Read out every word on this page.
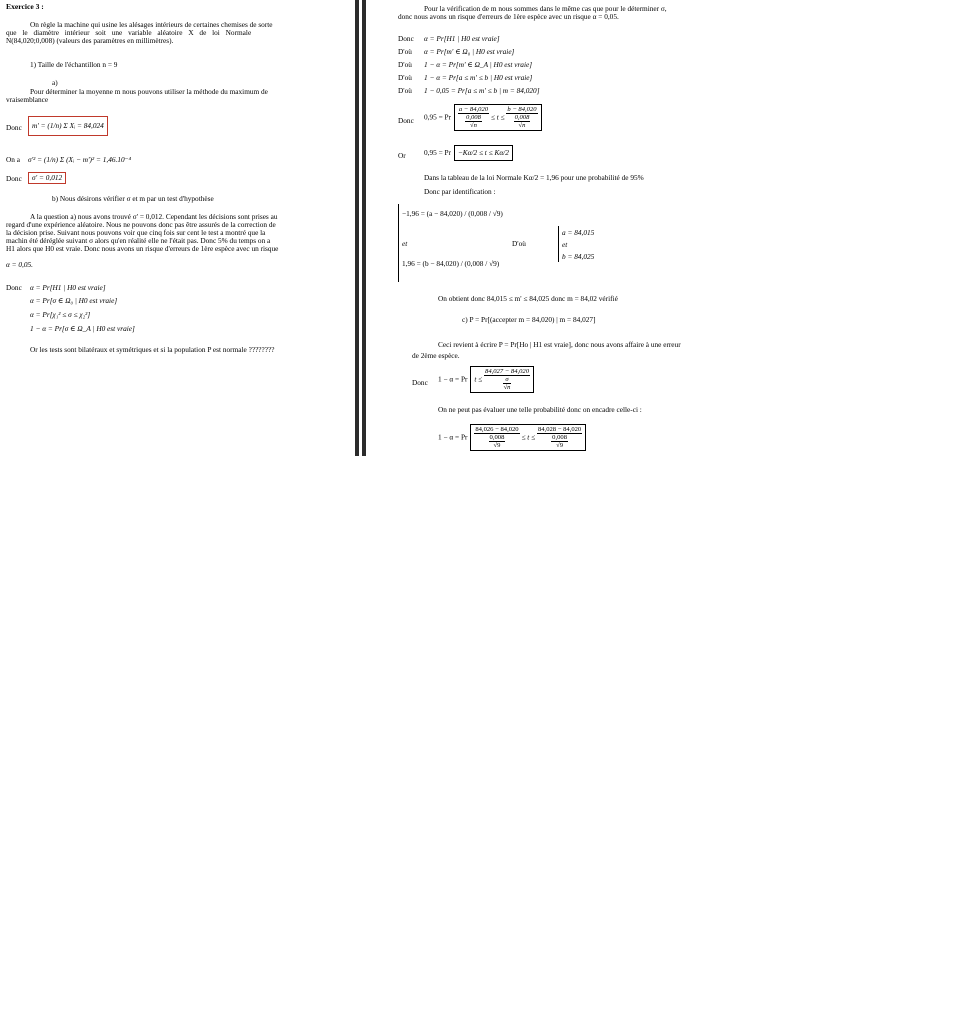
Exercice 3 :
On règle la machine qui usine les alésages intérieurs de certaines chemises de sorte
que le diamètre intérieur soit une variable aléatoire X de loi Normale
N(84,020;0,008) (valeurs des paramètres en millimètres).
1) Taille de l'échantillon n = 9
a)
Pour déterminer la moyenne m nous pouvons utiliser la méthode du maximum de
vraisemblance
Donc	m' = (1/n) Σ Xᵢ = 84,024
On a σ'² = (1/n) Σ (Xᵢ − m')² = 1,46.10⁻⁴
Donc	σ' = 0,012
b) Nous désirons vérifier σ et m par un test d'hypothèse
A la question a) nous avons trouvé σ' = 0,012. Cependant les décisions sont prises au
regard d'une expérience aléatoire. Nous ne pouvons donc pas être assurés de la correction de
la décision prise. Suivant nous pouvons voir que cinq fois sur cent le test a montré que la
machin été déréglée suivant σ alors qu'en réalité elle ne l'était pas. Donc 5% du temps on a
H1 alors que H0 est vraie. Donc nous avons un risque d'erreurs de 1ère espèce avec un risque
α = 0,05.
Donc α = Pr[H1 | H0 est vraie]
α = Pr[σ ∈ Ω₀ | H0 est vraie]
α = Pr[χ₁² ≤ σ ≤ χ₂²]
1 − α = Pr[σ ∈ Ω_A | H0 est vraie]
Or les tests sont bilatéraux et symétriques et si la population P est normale ????????
Pour la vérification de m nous sommes dans le même cas que pour le déterminer σ,
donc nous avons un risque d'erreurs de 1ère espèce avec un risque α = 0,05.
Donc α = Pr[H1 | H0 est vraie]
D'où α = Pr[m' ∈ Ω₀ | H0 est vraie]
D'où 1 − α = Pr[m' ∈ Ω_A | H0 est vraie]
D'où 1 − α = Pr[a ≤ m' ≤ b | H0 est vraie]
D'où 1 − 0,05 = Pr[a ≤ m' ≤ b | m = 84,020]
Donc 0,95 = Pr $\frac{a - 84,020}{\frac{0,008}{√n}} \le t \le \frac{b - 84,020}{\frac{0,008}{√n}}$
Or	0,95 = Pr −Kα/2 ≤ t ≤ Kα/2
Dans la tableau de la loi Normale Kα/2 = 1,96 pour une probabilité de 95%
Donc par identification :
−1,96 = (a − 84,020) / (0,008 / √9)
et
1,96 = (b − 84,020) / (0,008 / √9)
D'où
a = 84,015
et
b = 84,025
On obtient donc 84,015 ≤ m' ≤ 84,025 donc m = 84,02 vérifié
c) P = Pr[(accepter m = 84,020) | m = 84,027]
Ceci revient à écrire P = Pr[Ho | H1 est vraie], donc nous avons affaire à une erreur
de 2ème espèce.
Donc 1 − α = Pr $t \le \frac{84,027 - 84,020}{\frac{\sigma}{√n}}$
On ne peut pas évaluer une telle probabilité donc on encadre celle-ci :
1 − α = Pr $\frac{84,026 - 84,020}{\frac{0,008}{√9}} \le t \le \frac{84,028 - 84,020}{\frac{0,008}{√9}}$
